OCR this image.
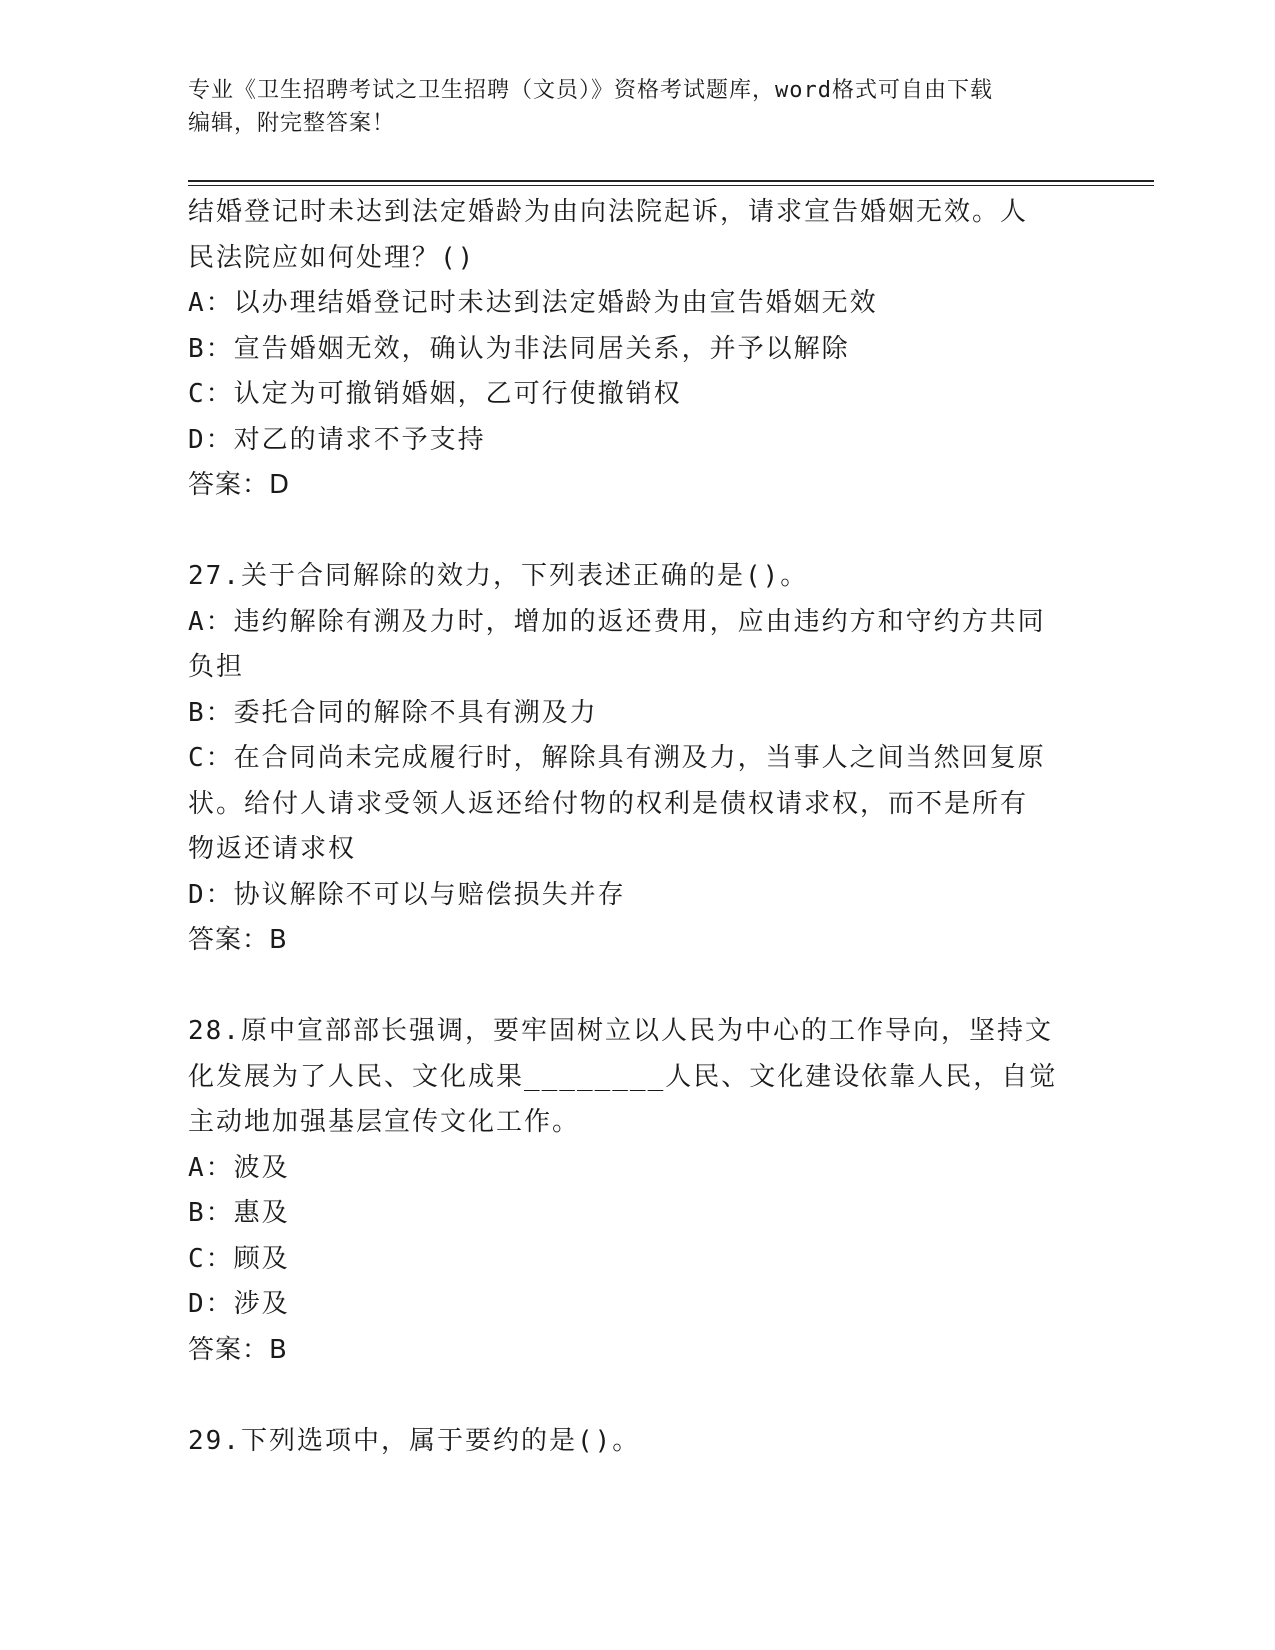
专业《卫生招聘考试之卫生招聘（文员）》资格考试题库，word格式可自由下载
编辑，附完整答案！
结婚登记时未达到法定婚龄为由向法院起诉，请求宣告婚姻无效。人
民法院应如何处理？()
A：以办理结婚登记时未达到法定婚龄为由宣告婚姻无效
B：宣告婚姻无效，确认为非法同居关系，并予以解除
C：认定为可撤销婚姻，乙可行使撤销权
D：对乙的请求不予支持
答案：D
27.关于合同解除的效力，下列表述正确的是()。
A：违约解除有溯及力时，增加的返还费用，应由违约方和守约方共同
负担
B：委托合同的解除不具有溯及力
C：在合同尚未完成履行时，解除具有溯及力，当事人之间当然回复原
状。给付人请求受领人返还给付物的权利是债权请求权，而不是所有
物返还请求权
D：协议解除不可以与赔偿损失并存
答案：B
28.原中宣部部长强调，要牢固树立以人民为中心的工作导向，坚持文
化发展为了人民、文化成果________人民、文化建设依靠人民，自觉
主动地加强基层宣传文化工作。
A：波及
B：惠及
C：顾及
D：涉及
答案：B
29.下列选项中，属于要约的是()。
